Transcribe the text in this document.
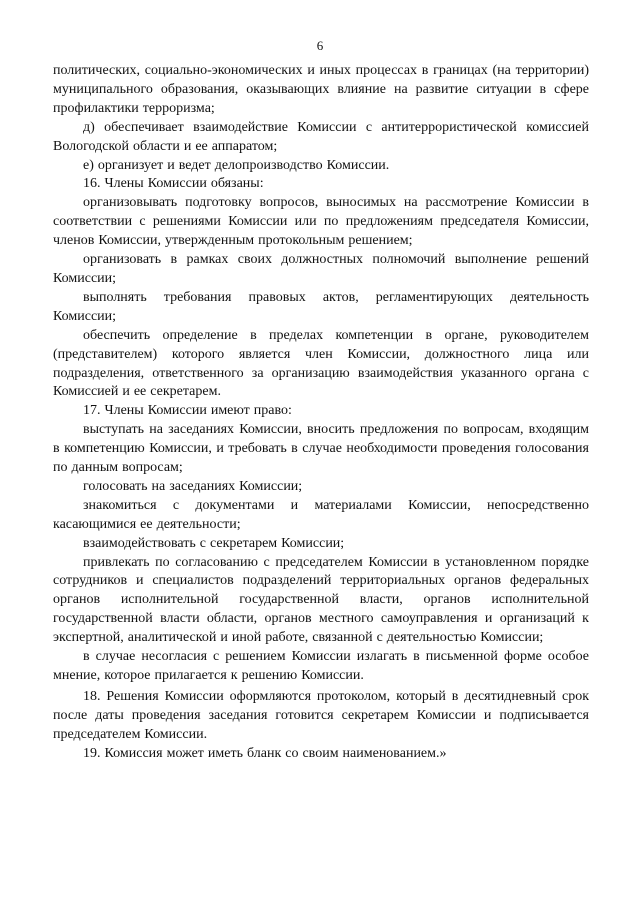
6

политических, социально-экономических и иных процессах в границах (на территории) муниципального образования, оказывающих влияние на развитие ситуации в сфере профилактики терроризма;

д) обеспечивает взаимодействие Комиссии с антитеррористической комиссией Вологодской области и ее аппаратом;

е) организует и ведет делопроизводство Комиссии.

16. Члены Комиссии обязаны:

организовывать подготовку вопросов, выносимых на рассмотрение Комиссии в соответствии с решениями Комиссии или по предложениям председателя Комиссии, членов Комиссии, утвержденным протокольным решением;

организовать в рамках своих должностных полномочий выполнение решений Комиссии;

выполнять требования правовых актов, регламентирующих деятельность Комиссии;

обеспечить определение в пределах компетенции в органе, руководителем (представителем) которого является член Комиссии, должностного лица или подразделения, ответственного за организацию взаимодействия указанного органа с Комиссией и ее секретарем.

17. Члены Комиссии имеют право:

выступать на заседаниях Комиссии, вносить предложения по вопросам, входящим в компетенцию Комиссии, и требовать в случае необходимости проведения голосования по данным вопросам;

голосовать на заседаниях Комиссии;

знакомиться с документами и материалами Комиссии, непосредственно касающимися ее деятельности;

взаимодействовать с секретарем Комиссии;

привлекать по согласованию с председателем Комиссии в установленном порядке сотрудников и специалистов подразделений территориальных органов федеральных органов исполнительной государственной власти, органов исполнительной государственной власти области, органов местного самоуправления и организаций к экспертной, аналитической и иной работе, связанной с деятельностью Комиссии;

в случае несогласия с решением Комиссии излагать в письменной форме особое мнение, которое прилагается к решению Комиссии.

18. Решения Комиссии оформляются протоколом, который в десятидневный срок после даты проведения заседания готовится секретарем Комиссии и подписывается председателем Комиссии.

19. Комиссия может иметь бланк со своим наименованием.»
